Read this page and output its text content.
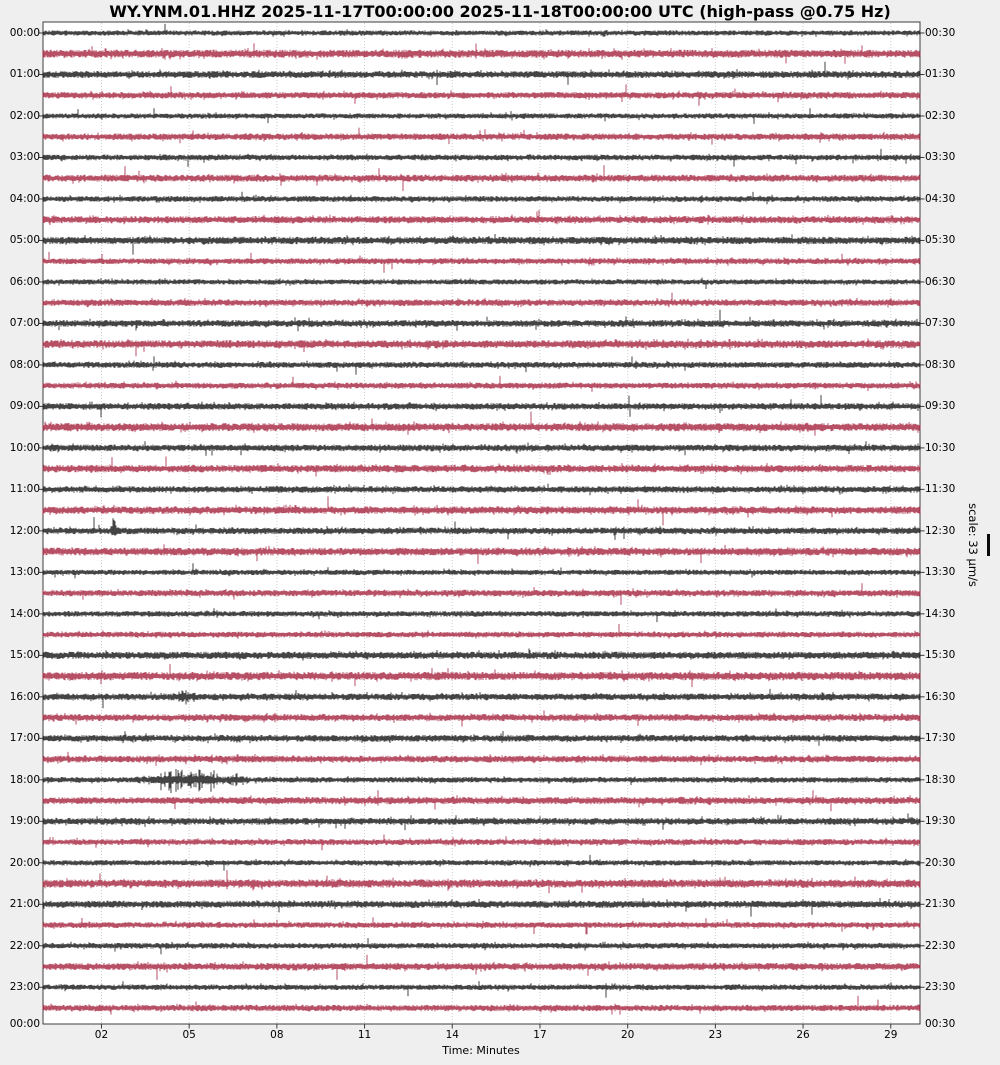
WY.YNM.01.HHZ 2025-11-17T00:00:00 2025-11-18T00:00:00 UTC (high-pass @0.75 Hz)
00:00
01:00
02:00
03:00
04:00
05:00
06:00
07:00
08:00
09:00
10:00
11:00
12:00
13:00
14:00
15:00
16:00
17:00
18:00
19:00
20:00
21:00
22:00
23:00
00:30
01:30
02:30
03:30
04:30
05:30
06:30
07:30
08:30
09:30
10:30
11:30
12:30
13:30
14:30
15:30
16:30
17:30
18:30
19:30
20:30
21:30
22:30
23:30
02	05	08	11	14	17	20	23	26	29
00:00	00:30
Time: Minutes
scale: 33 µm/s
